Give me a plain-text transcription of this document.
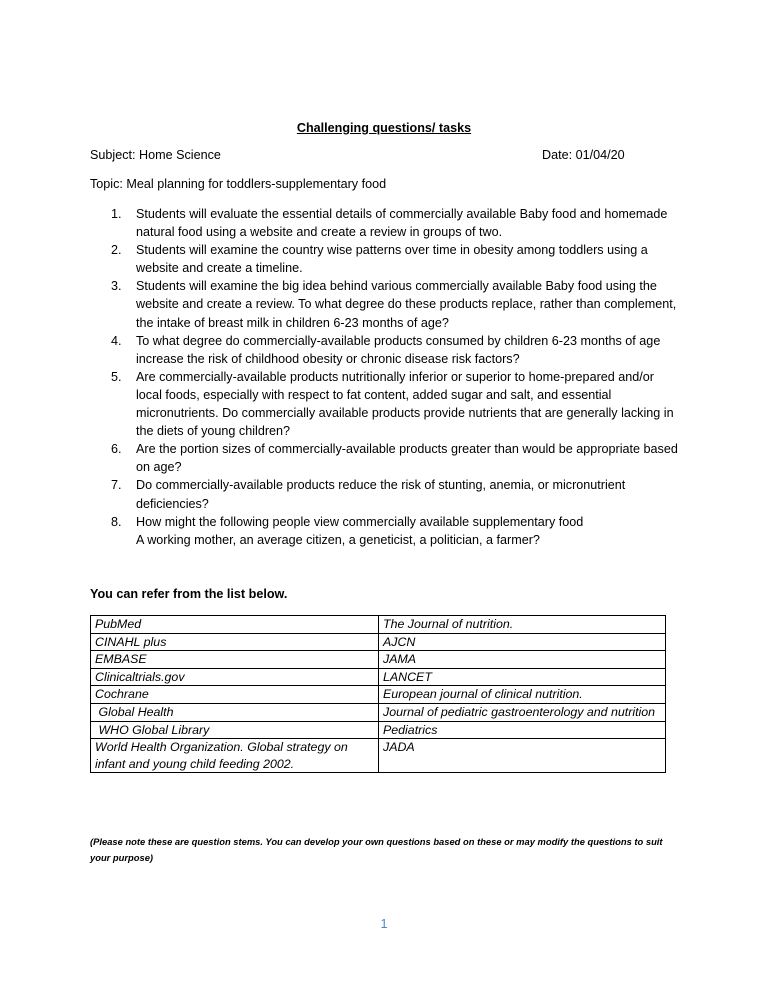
Challenging questions/ tasks
Subject: Home Science	Date: 01/04/20
Topic: Meal planning for toddlers-supplementary food
1. Students will evaluate the essential details of commercially available Baby food and homemade natural food using a website and create a review in groups of two.
2. Students will examine the country wise patterns over time in obesity among toddlers using a website and create a timeline.
3. Students will examine the big idea behind various commercially available Baby food using the website and create a review. To what degree do these products replace, rather than complement, the intake of breast milk in children 6-23 months of age?
4. To what degree do commercially-available products consumed by children 6-23 months of age increase the risk of childhood obesity or chronic disease risk factors?
5. Are commercially-available products nutritionally inferior or superior to home-prepared and/or local foods, especially with respect to fat content, added sugar and salt, and essential micronutrients. Do commercially available products provide nutrients that are generally lacking in the diets of young children?
6. Are the portion sizes of commercially-available products greater than would be appropriate based on age?
7. Do commercially-available products reduce the risk of stunting, anemia, or micronutrient deficiencies?
8. How might the following people view commercially available supplementary food
A working mother, an average citizen, a geneticist, a politician, a farmer?
You can refer from the list below.
PubMed	The Journal of nutrition.
CINAHL plus	AJCN
EMBASE	JAMA
Clinicaltrials.gov	LANCET
Cochrane	European journal of clinical nutrition.
Global Health	Journal of pediatric gastroenterology and nutrition
WHO Global Library	Pediatrics
World Health Organization. Global strategy on infant and young child feeding 2002.	JADA
(Please note these are question stems. You can develop your own questions based on these or may modify the questions to suit your purpose)
1
